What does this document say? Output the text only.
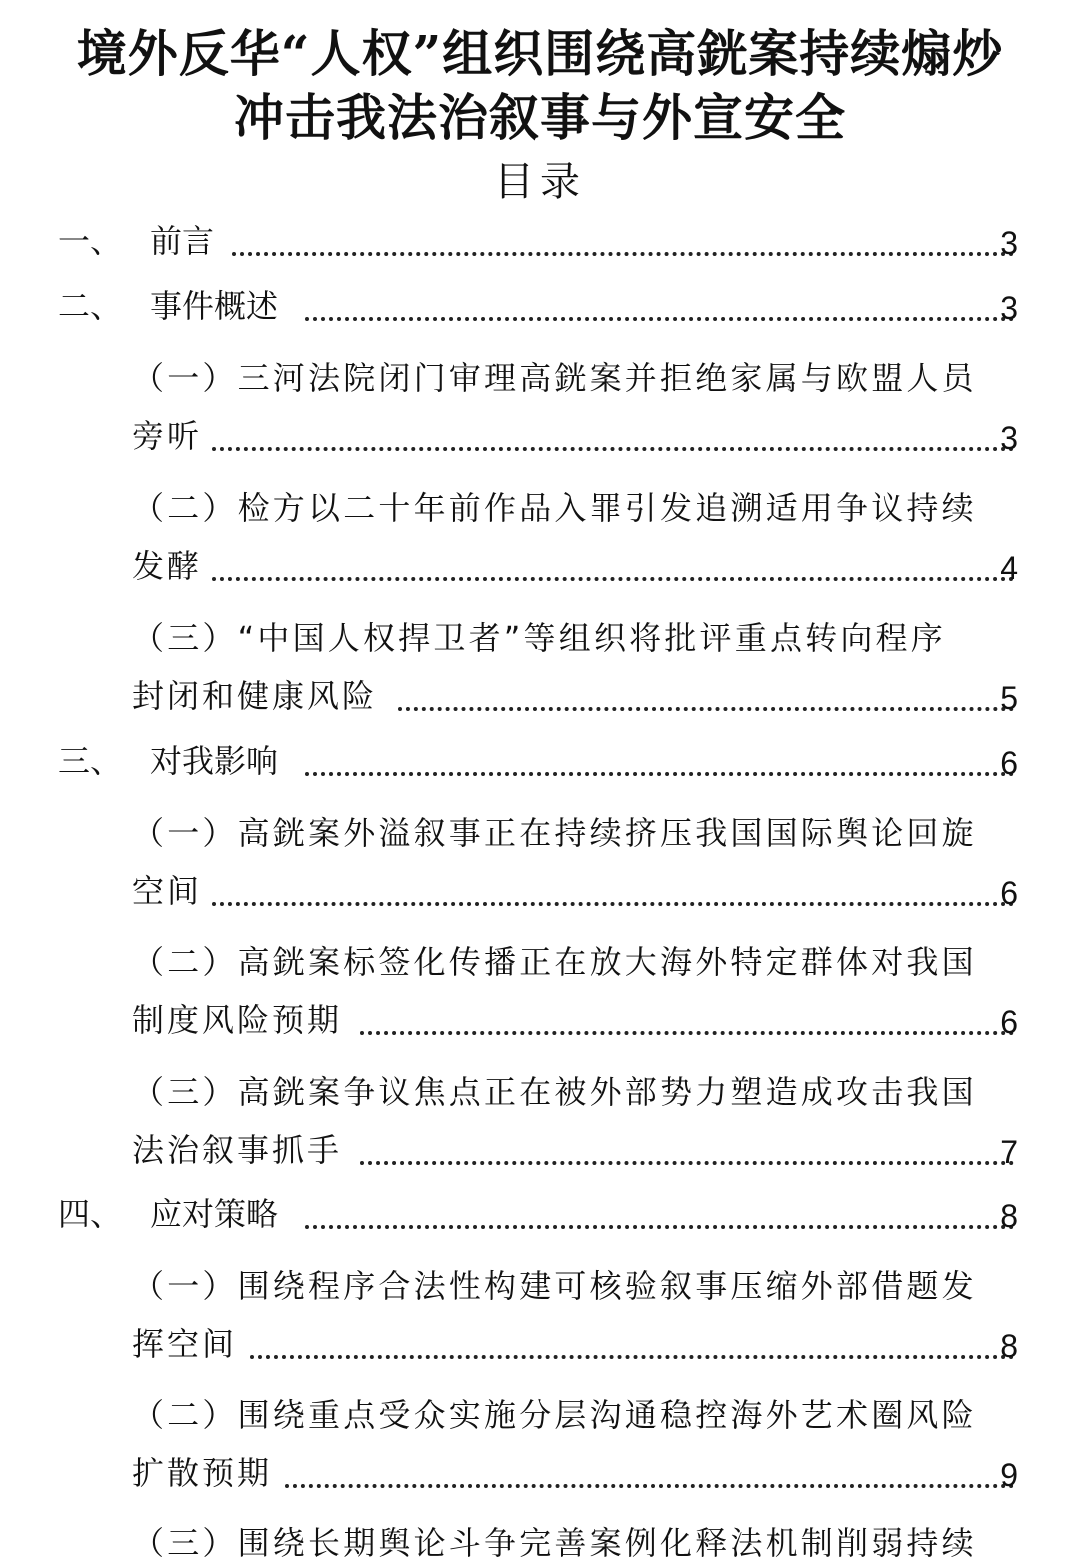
境外反华“人权”组织围绕高銧案持续煽炒
冲击我法治叙事与外宣安全
目录
一、 前言	3
二、 事件概述	3
（一）三河法院闭门审理高銧案并拒绝家属与欧盟人员
旁听	3
（二）检方以二十年前作品入罪引发追溯适用争议持续
发酵	4
（三）“中国人权捍卫者”等组织将批评重点转向程序
封闭和健康风险	5
三、 对我影响	6
（一）高銧案外溢叙事正在持续挤压我国国际舆论回旋
空间	6
（二）高銧案标签化传播正在放大海外特定群体对我国
制度风险预期	6
（三）高銧案争议焦点正在被外部势力塑造成攻击我国
法治叙事抓手	7
四、 应对策略	8
（一）围绕程序合法性构建可核验叙事压缩外部借题发
挥空间	8
（二）围绕重点受众实施分层沟通稳控海外艺术圈风险
扩散预期	9
（三）围绕长期舆论斗争完善案例化释法机制削弱持续
